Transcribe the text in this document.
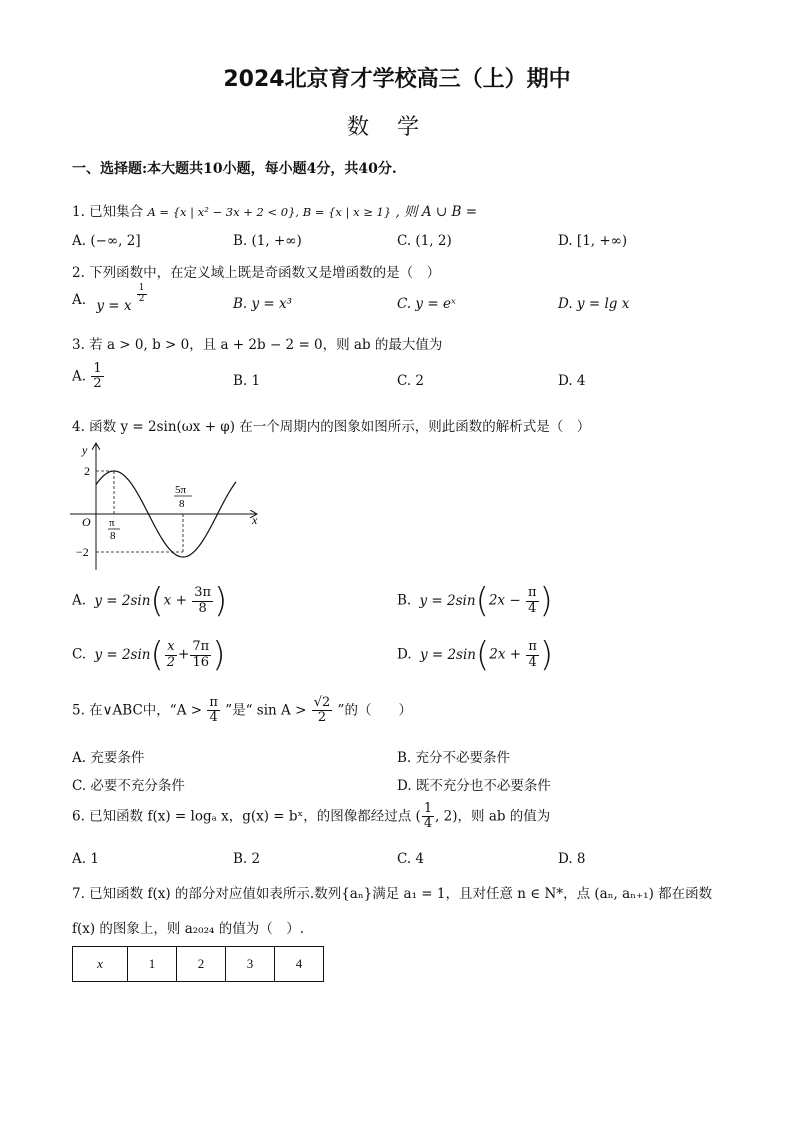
2024北京育才学校高三（上）期中
数学
一、选择题:本大题共10小题，每小题4分，共40分.
1. 已知集合 A = {x | x² − 3x + 2 < 0}, B = {x | x ≥ 1} , 则 A ∪ B =
A. (−∞, 2]	B. (1, +∞)	C. (1, 2)	D. [1, +∞)
2. 下列函数中，在定义域上既是奇函数又是增函数的是（　）
A. y = x
$\frac{1}{2}$	B. y = x³	C. y = eˣ	D. y = lg x
3. 若 a > 0, b > 0，且 a + 2b − 2 = 0，则 ab 的最大值为
A. $\frac{1}{2}$	B. 1	C. 2	D. 4
4. 函数 y = 2sin(ωx + φ) 在一个周期内的图象如图所示，则此函数的解析式是（　）
y
x
O
2
−2
π
8
5π
8
A. $y = 2\sin(x + \frac{3\pi}{8}$ )	B. $y = 2\sin(2x - \frac{\pi}{4}$ )
C. $y = 2\sin( \frac{x}{2} + \frac{7\pi}{16}$ )	D. $y = 2\sin(2x + \frac{\pi}{4}$ )
5. 在∨ABC中，“$A > \frac{\pi}{4}$ ”是“ $\sin A > \frac{√2}{2}$ ”的（　　）
A. 充要条件	B. 充分不必要条件
C. 必要不充分条件	D. 既不充分也不必要条件
6. 已知函数 f(x) = logₐ x，g(x) = bˣ，的图像都经过点 ( $\frac{1}{4}$ , 2)，则 ab 的值为
A. 1	B. 2	C. 4	D. 8
7. 已知函数 f(x) 的部分对应值如表所示.数列{aₙ}满足 a₁ = 1，且对任意 n ∈ N*，点 (aₙ, aₙ₊₁) 都在函数
f(x) 的图象上，则 a₂₀₂₄ 的值为（　）.
x	1	2	3	4
